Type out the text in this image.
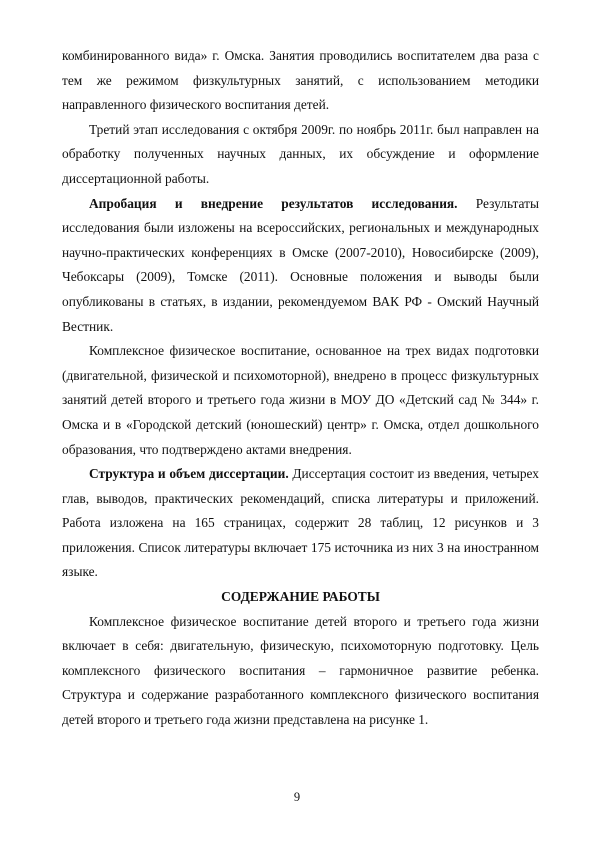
комбинированного вида» г. Омска. Занятия проводились воспитателем два раза с тем же режимом физкультурных занятий, с использованием методики направленного физического воспитания детей.

Третий этап исследования с октября 2009г. по ноябрь 2011г. был направлен на обработку полученных научных данных, их обсуждение и оформление диссертационной работы.

Апробация и внедрение результатов исследования. Результаты исследования были изложены на всероссийских, региональных и международных научно-практических конференциях в Омске (2007-2010), Новосибирске (2009), Чебоксары (2009), Томске (2011). Основные положения и выводы были опубликованы в статьях, в издании, рекомендуемом ВАК РФ - Омский Научный Вестник.

Комплексное физическое воспитание, основанное на трех видах подготовки (двигательной, физической и психомоторной), внедрено в процесс физкультурных занятий детей второго и третьего года жизни в МОУ ДО «Детский сад № 344» г. Омска и в «Городской детский (юношеский) центр» г. Омска, отдел дошкольного образования, что подтверждено актами внедрения.

Структура и объем диссертации. Диссертация состоит из введения, четырех глав, выводов, практических рекомендаций, списка литературы и приложений. Работа изложена на 165 страницах, содержит 28 таблиц, 12 рисунков и 3 приложения. Список литературы включает 175 источника из них 3 на иностранном языке.

СОДЕРЖАНИЕ РАБОТЫ

Комплексное физическое воспитание детей второго и третьего года жизни включает в себя: двигательную, физическую, психомоторную подготовку. Цель комплексного физического воспитания – гармоничное развитие ребенка. Структура и содержание разработанного комплексного физического воспитания детей второго и третьего года жизни представлена на рисунке 1.

9
